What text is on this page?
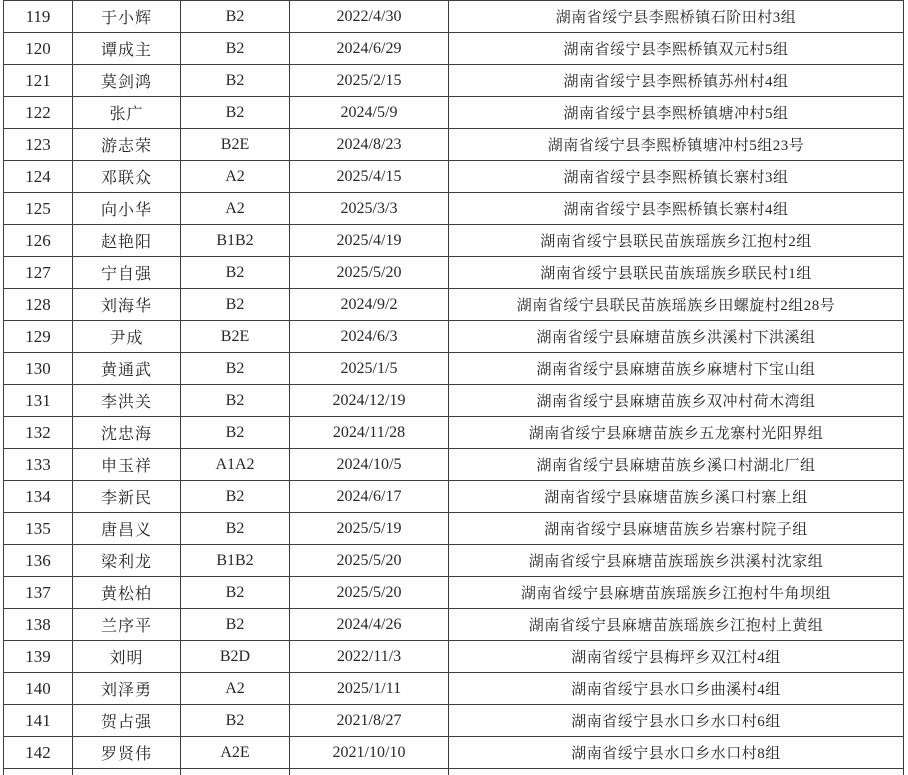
119	于小辉	B2	2022/4/30	湖南省绥宁县李熙桥镇石阶田村3组
120	谭成主	B2	2024/6/29	湖南省绥宁县李熙桥镇双元村5组
121	莫剑鸿	B2	2025/2/15	湖南省绥宁县李熙桥镇苏州村4组
122	张广	B2	2024/5/9	湖南省绥宁县李熙桥镇塘冲村5组
123	游志荣	B2E	2024/8/23	湖南省绥宁县李熙桥镇塘冲村5组23号
124	邓联众	A2	2025/4/15	湖南省绥宁县李熙桥镇长寨村3组
125	向小华	A2	2025/3/3	湖南省绥宁县李熙桥镇长寨村4组
126	赵艳阳	B1B2	2025/4/19	湖南省绥宁县联民苗族瑶族乡江抱村2组
127	宁自强	B2	2025/5/20	湖南省绥宁县联民苗族瑶族乡联民村1组
128	刘海华	B2	2024/9/2	湖南省绥宁县联民苗族瑶族乡田螺旋村2组28号
129	尹成	B2E	2024/6/3	湖南省绥宁县麻塘苗族乡洪溪村下洪溪组
130	黄通武	B2	2025/1/5	湖南省绥宁县麻塘苗族乡麻塘村下宝山组
131	李洪关	B2	2024/12/19	湖南省绥宁县麻塘苗族乡双冲村荷木湾组
132	沈忠海	B2	2024/11/28	湖南省绥宁县麻塘苗族乡五龙寨村光阳界组
133	申玉祥	A1A2	2024/10/5	湖南省绥宁县麻塘苗族乡溪口村湖北厂组
134	李新民	B2	2024/6/17	湖南省绥宁县麻塘苗族乡溪口村寨上组
135	唐昌义	B2	2025/5/19	湖南省绥宁县麻塘苗族乡岩寨村院子组
136	梁利龙	B1B2	2025/5/20	湖南省绥宁县麻塘苗族瑶族乡洪溪村沈家组
137	黄松柏	B2	2025/5/20	湖南省绥宁县麻塘苗族瑶族乡江抱村牛角坝组
138	兰序平	B2	2024/4/26	湖南省绥宁县麻塘苗族瑶族乡江抱村上黄组
139	刘明	B2D	2022/11/3	湖南省绥宁县梅坪乡双江村4组
140	刘泽勇	A2	2025/1/11	湖南省绥宁县水口乡曲溪村4组
141	贺占强	B2	2021/8/27	湖南省绥宁县水口乡水口村6组
142	罗贤伟	A2E	2021/10/10	湖南省绥宁县水口乡水口村8组
